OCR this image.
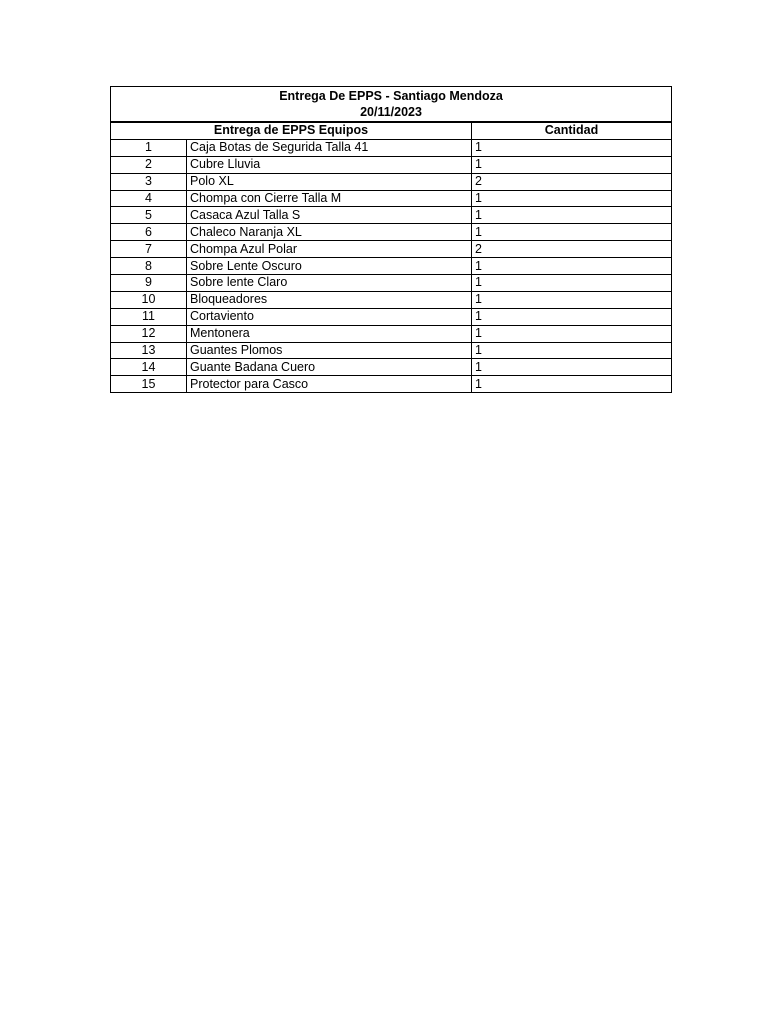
Entrega De EPPS - Santiago Mendoza
20/11/2023		

Entrega de EPPS Equipos		Cantidad
1	Caja Botas de Segurida Talla 41	1
2	Cubre Lluvia	1
3	Polo XL	2
4	Chompa con Cierre Talla M	1
5	Casaca Azul Talla S	1
6	Chaleco Naranja XL	1
7	Chompa Azul Polar	2
8	Sobre Lente Oscuro	1
9	Sobre lente Claro	1
10	Bloqueadores	1
11	Cortaviento	1
12	Mentonera	1
13	Guantes Plomos	1
14	Guante Badana Cuero	1
15	Protector para Casco	1
